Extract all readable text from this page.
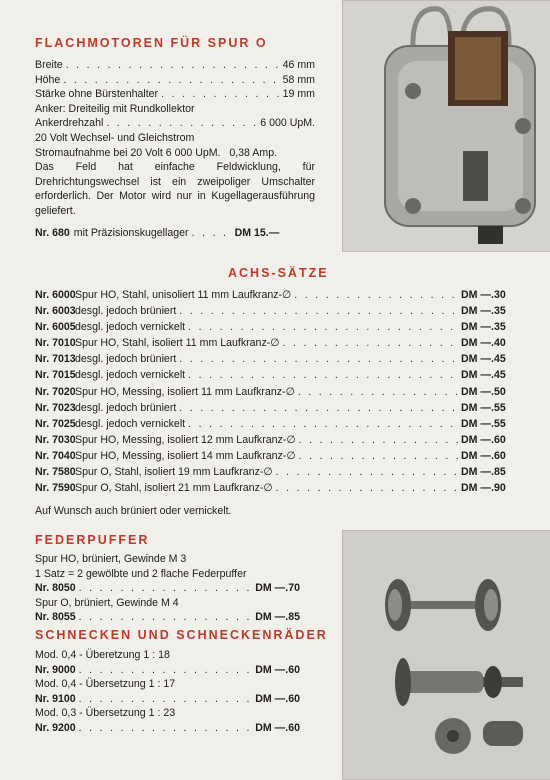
FLACHMOTOREN FÜR SPUR O
Breite . . .	46 mm
Höhe . . .	58 mm
Stärke ohne Bürstenhalter . . .	19 mm
Anker: Dreiteilig mit Rundkollektor
Ankerdrehzahl . . .	6 000 UpM.
20 Volt Wechsel- und Gleichstrom
Stromaufnahme bei 20 Volt 6 000 UpM.   0,38 Amp.
Das Feld hat einfache Feldwicklung, für Drehrichtungswechsel ist ein zweipoliger Umschalter erforderlich. Der Motor wird nur in Kugellagerausführung geliefert.
Nr. 680 mit Präzisionskugellager . . .	DM 15.—
ACHS-SÄTZE
Nr. 6000 Spur HO, Stahl, unisoliert 11 mm Laufkranz-∅ . . .	DM —.30
Nr. 6003 desgl. jedoch brüniert . . .	DM —.35
Nr. 6005 desgl. jedoch vernickelt . . .	DM —.35
Nr. 7010 Spur HO, Stahl, isoliert 11 mm Laufkranz-∅ . . .	DM —.40
Nr. 7013 desgl. jedoch brüniert . . .	DM —.45
Nr. 7015 desgl. jedoch vernickelt . . .	DM —.45
Nr. 7020 Spur HO, Messing, isoliert 11 mm Laufkranz-∅ . . .	DM —.50
Nr. 7023 desgl. jedoch brüniert . . .	DM —.55
Nr. 7025 desgl. jedoch vernickelt . . .	DM —.55
Nr. 7030 Spur HO, Messing, isoliert 12 mm Laufkranz-∅ . . .	DM —.60
Nr. 7040 Spur HO, Messing, isoliert 14 mm Laufkranz-∅ . . .	DM —.60
Nr. 7580 Spur O, Stahl, isoliert 19 mm Laufkranz-∅ . . .	DM —.85
Nr. 7590 Spur O, Stahl, isoliert 21 mm Laufkranz-∅ . . .	DM —.90
Auf Wunsch auch brüniert oder vernickelt.
FEDERPUFFER
Spur HO, brüniert, Gewinde M 3
1 Satz = 2 gewölbte und 2 flache Federpuffer
Nr. 8050 . . .	DM —.70
Spur O, brüniert, Gewinde M 4
Nr. 8055 . . .	DM —.85
SCHNECKEN UND SCHNECKENRÄDER
Mod. 0,4 - Überetzung 1 : 18
Nr. 9000 . . .	DM —.60
Mod. 0,4 - Übersetzung 1 : 17
Nr. 9100 . . .	DM —.60
Mod. 0,3 - Übersetzung 1 : 23
Nr. 9200 . . .	DM —.60
